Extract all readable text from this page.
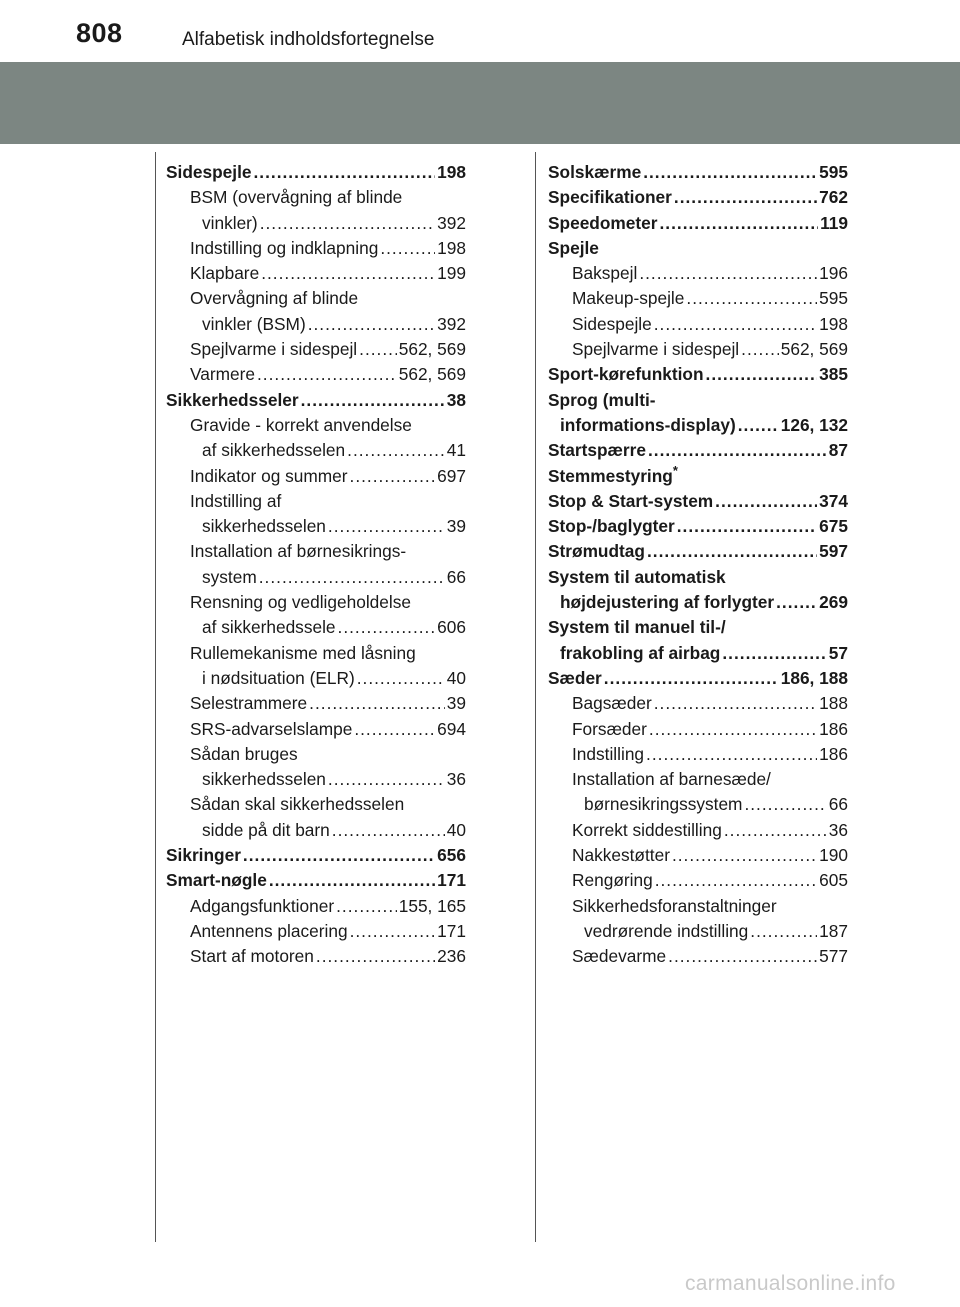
808	Alfabetisk indholdsfortegnelse
Sidespejle .....	198
BSM (overvågning af blinde
vinkler) .....	392
Indstilling og indklapning .....	198
Klapbare .....	199
Overvågning af blinde
vinkler (BSM) .....	392
Spejlvarme i sidespejl ..... 562, 569
Varmere .....	562, 569
Sikkerhedsseler .....	38
Gravide - korrekt anvendelse
af sikkerhedsselen .....	41
Indikator og summer .....	697
Indstilling af
sikkerhedsselen .....	39
Installation af børnesikrings-
system .....	66
Rensning og vedligeholdelse
af sikkerhedssele .....	606
Rullemekanisme med låsning
i nødsituation (ELR) .....	40
Selestrammere .....	39
SRS-advarselslampe .....	694
Sådan bruges
sikkerhedsselen .....	36
Sådan skal sikkerhedsselen
sidde på dit barn .....	40
Sikringer .....	656
Smart-nøgle .....	171
Adgangsfunktioner .....	155, 165
Antennens placering .....	171
Start af motoren .....	236
Solskærme .....	595
Specifikationer .....	762
Speedometer .....	119
Spejle
Bakspejl .....	196
Makeup-spejle .....	595
Sidespejle .....	198
Spejlvarme i sidespejl ..... 562, 569
Sport-kørefunktion .....	385
Sprog (multi-
informations-display) .....	126, 132
Startspærre .....	87
Stemmestyring*
Stop & Start-system .....	374
Stop-/baglygter .....	675
Strømudtag .....	597
System til automatisk
højdejustering af forlygter .....	269
System til manuel til-/
frakobling af airbag .....	57
Sæder .....	186, 188
Bagsæder .....	188
Forsæder .....	186
Indstilling .....	186
Installation af barnesæde/
børnesikringssystem .....	66
Korrekt siddestilling .....	36
Nakkestøtter .....	190
Rengøring .....	605
Sikkerhedsforanstaltninger
vedrørende indstilling .....	187
Sædevarme .....	577
carmanualsonline.info
